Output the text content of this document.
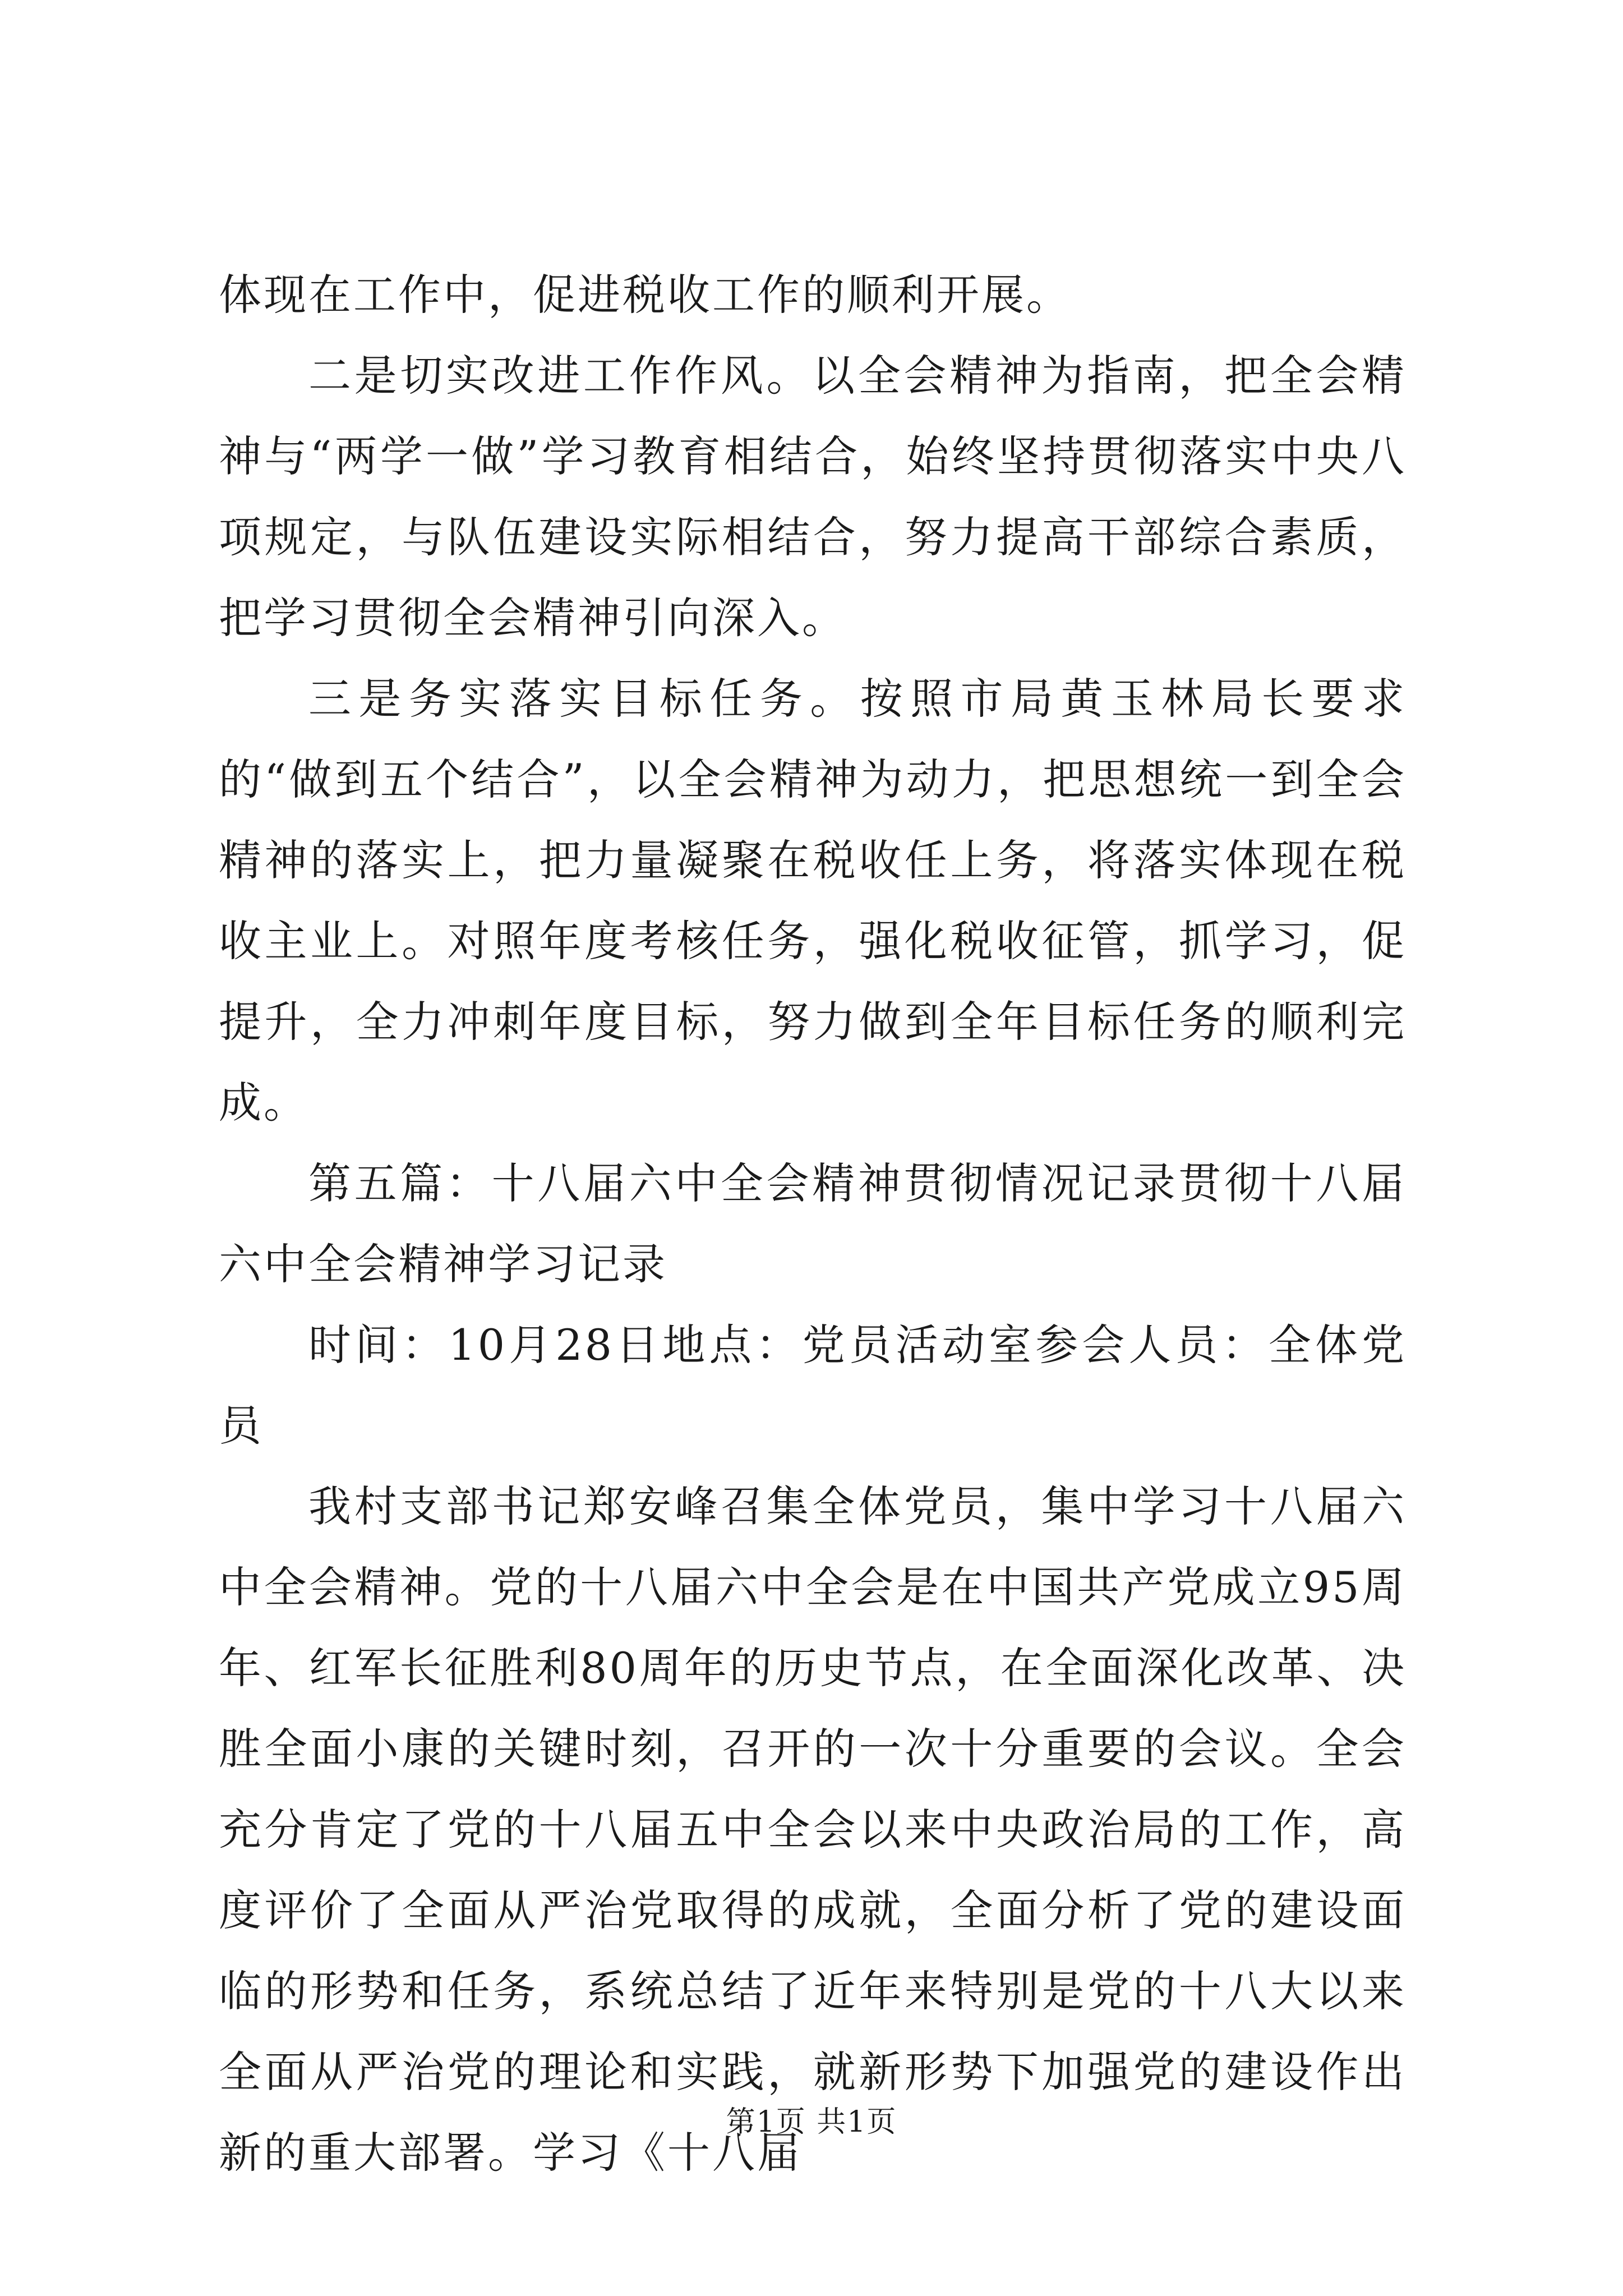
体现在工作中，促进税收工作的顺利开展。

二是切实改进工作作风。以全会精神为指南，把全会精神与“两学一做”学习教育相结合，始终坚持贯彻落实中央八项规定，与队伍建设实际相结合，努力提高干部综合素质，把学习贯彻全会精神引向深入。

三是务实落实目标任务。按照市局黄玉林局长要求的“做到五个结合”，以全会精神为动力，把思想统一到全会精神的落实上，把力量凝聚在税收任上务，将落实体现在税收主业上。对照年度考核任务，强化税收征管，抓学习，促提升，全力冲刺年度目标，努力做到全年目标任务的顺利完成。

第五篇：十八届六中全会精神贯彻情况记录贯彻十八届六中全会精神学习记录

时间：10月28日地点：党员活动室参会人员：全体党员

我村支部书记郑安峰召集全体党员，集中学习十八届六中全会精神。党的十八届六中全会是在中国共产党成立95周年、红军长征胜利80周年的历史节点，在全面深化改革、决胜全面小康的关键时刻，召开的一次十分重要的会议。全会充分肯定了党的十八届五中全会以来中央政治局的工作，高度评价了全面从严治党取得的成就，全面分析了党的建设面临的形势和任务，系统总结了近年来特别是党的十八大以来全面从严治党的理论和实践，就新形势下加强党的建设作出新的重大部署。学习《十八届

第1页 共1页
